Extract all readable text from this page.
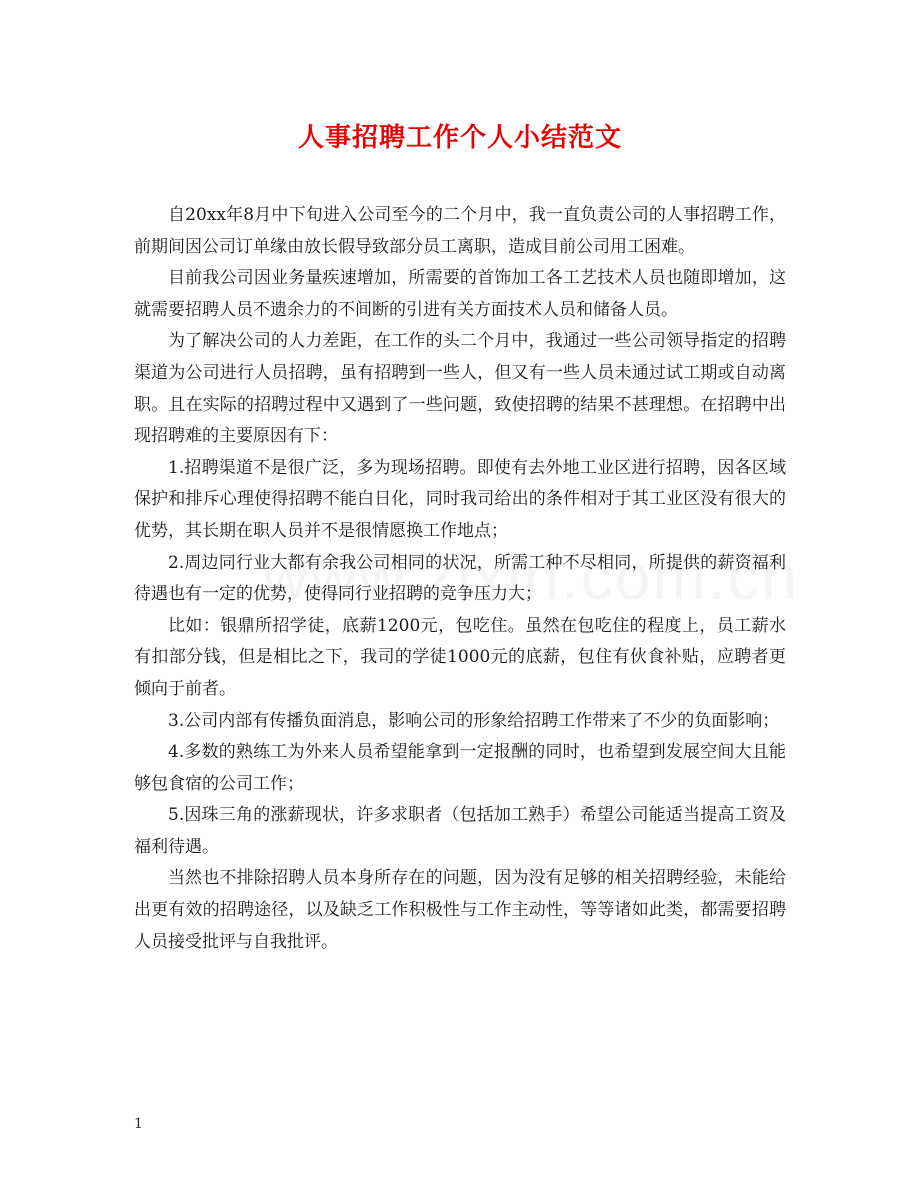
人事招聘工作个人小结范文

自20xx年8月中下旬进入公司至今的二个月中，我一直负责公司的人事招聘工作，前期间因公司订单缘由放长假导致部分员工离职，造成目前公司用工困难。

目前我公司因业务量疾速增加，所需要的首饰加工各工艺技术人员也随即增加，这就需要招聘人员不遗余力的不间断的引进有关方面技术人员和储备人员。

为了解决公司的人力差距，在工作的头二个月中，我通过一些公司领导指定的招聘渠道为公司进行人员招聘，虽有招聘到一些人，但又有一些人员未通过试工期或自动离职。且在实际的招聘过程中又遇到了一些问题，致使招聘的结果不甚理想。在招聘中出现招聘难的主要原因有下：

1.招聘渠道不是很广泛，多为现场招聘。即使有去外地工业区进行招聘，因各区域保护和排斥心理使得招聘不能白日化，同时我司给出的条件相对于其工业区没有很大的优势，其长期在职人员并不是很情愿换工作地点；

2.周边同行业大都有余我公司相同的状况，所需工种不尽相同，所提供的薪资福利待遇也有一定的优势，使得同行业招聘的竞争压力大；

比如：银鼎所招学徒，底薪1200元，包吃住。虽然在包吃住的程度上，员工薪水有扣部分钱，但是相比之下，我司的学徒1000元的底薪，包住有伙食补贴，应聘者更倾向于前者。

3.公司内部有传播负面消息，影响公司的形象给招聘工作带来了不少的负面影响；

4.多数的熟练工为外来人员希望能拿到一定报酬的同时，也希望到发展空间大且能够包食宿的公司工作；

5.因珠三角的涨薪现状，许多求职者（包括加工熟手）希望公司能适当提高工资及福利待遇。

当然也不排除招聘人员本身所存在的问题，因为没有足够的相关招聘经验，未能给出更有效的招聘途径，以及缺乏工作积极性与工作主动性，等等诸如此类，都需要招聘人员接受批评与自我批评。

1
